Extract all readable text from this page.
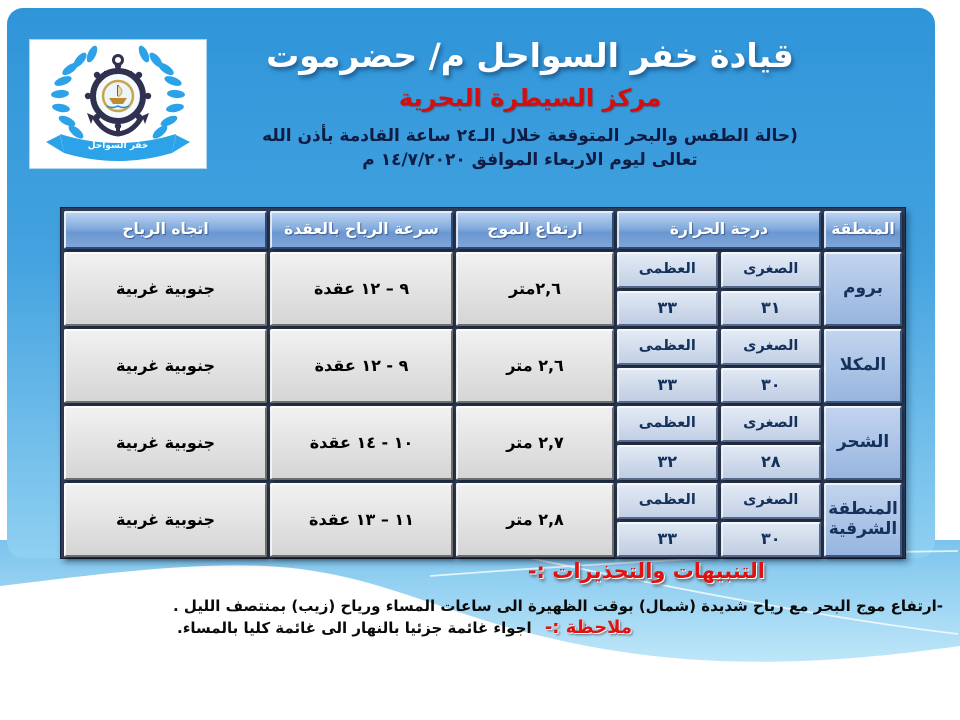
خفر السواحل
قيادة خفر السواحل م/ حضرموت
مركز السيطرة البحرية
(حالة الطقس والبحر المتوقعة خلال الـ٢٤ ساعة القادمة بأذن الله
تعالى ليوم الاربعاء الموافق ١٤/٧/٢٠٢٠ م
المنطقة
درجة الحرارة
ارتفاع الموج
سرعة الرياح بالعقدة
اتجاه الرياح
بروم
الصغرى
العظمى
٣١
٣٣
٢,٦متر
٩ – ١٢ عقدة
جنوبية غربية
المكلا
الصغرى
العظمى
٣٠
٣٣
٢,٦ متر
٩ - ١٢ عقدة
جنوبية غربية
الشحر
الصغرى
العظمى
٢٨
٣٢
٢,٧ متر
١٠ - ١٤ عقدة
جنوبية غربية
المنطقة الشرقية
الصغرى
العظمى
٣٠
٣٣
٢,٨ متر
١١ – ١٣ عقدة
جنوبية غربية
التنبيهات والتحذيرات :-
-ارتفاع موج البحر مع رياح شديدة (شمال) بوقت الظهيرة الى ساعات المساء ورياح (زيب) بمنتصف الليل .
ملاحظة :- اجواء غائمة جزئيا بالنهار الى غائمة كليا بالمساء.
